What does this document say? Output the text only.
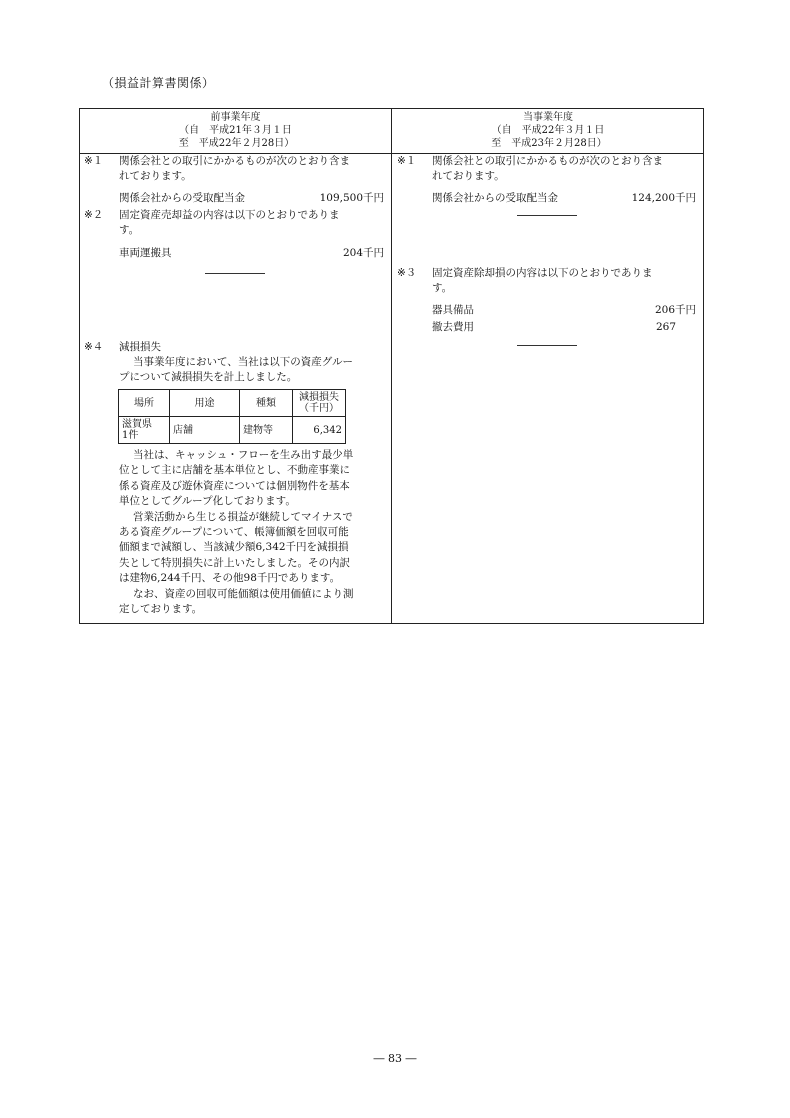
（損益計算書関係）
前事業年度
（自　平成21年３月１日
至　平成22年２月28日）
当事業年度
（自　平成22年３月１日
至　平成23年２月28日）
※１ 関係会社との取引にかかるものが次のとおり含ま
れております。
関係会社からの受取配当金	109,500千円
※２ 固定資産売却益の内容は以下のとおりでありま
す。
車両運搬具	204千円
※４ 減損損失
当事業年度において、当社は以下の資産グルー
プについて減損損失を計上しました。
場所	用途	種類	減損損失
（千円）

滋賀県
1件	店舗	建物等	6,342
当社は、キャッシュ・フローを生み出す最少単
位として主に店舗を基本単位とし、不動産事業に
係る資産及び遊休資産については個別物件を基本
単位としてグループ化しております。
営業活動から生じる損益が継続してマイナスで
ある資産グループについて、帳簿価額を回収可能
価額まで減額し、当該減少額6,342千円を減損損
失として特別損失に計上いたしました。その内訳
は建物6,244千円、その他98千円であります。
なお、資産の回収可能価額は使用価値により測
定しております。
※１ 関係会社との取引にかかるものが次のとおり含ま
れております。
関係会社からの受取配当金	124,200千円
※３ 固定資産除却損の内容は以下のとおりでありま
す。
器具備品	206千円
撤去費用	267
― 83 ―
